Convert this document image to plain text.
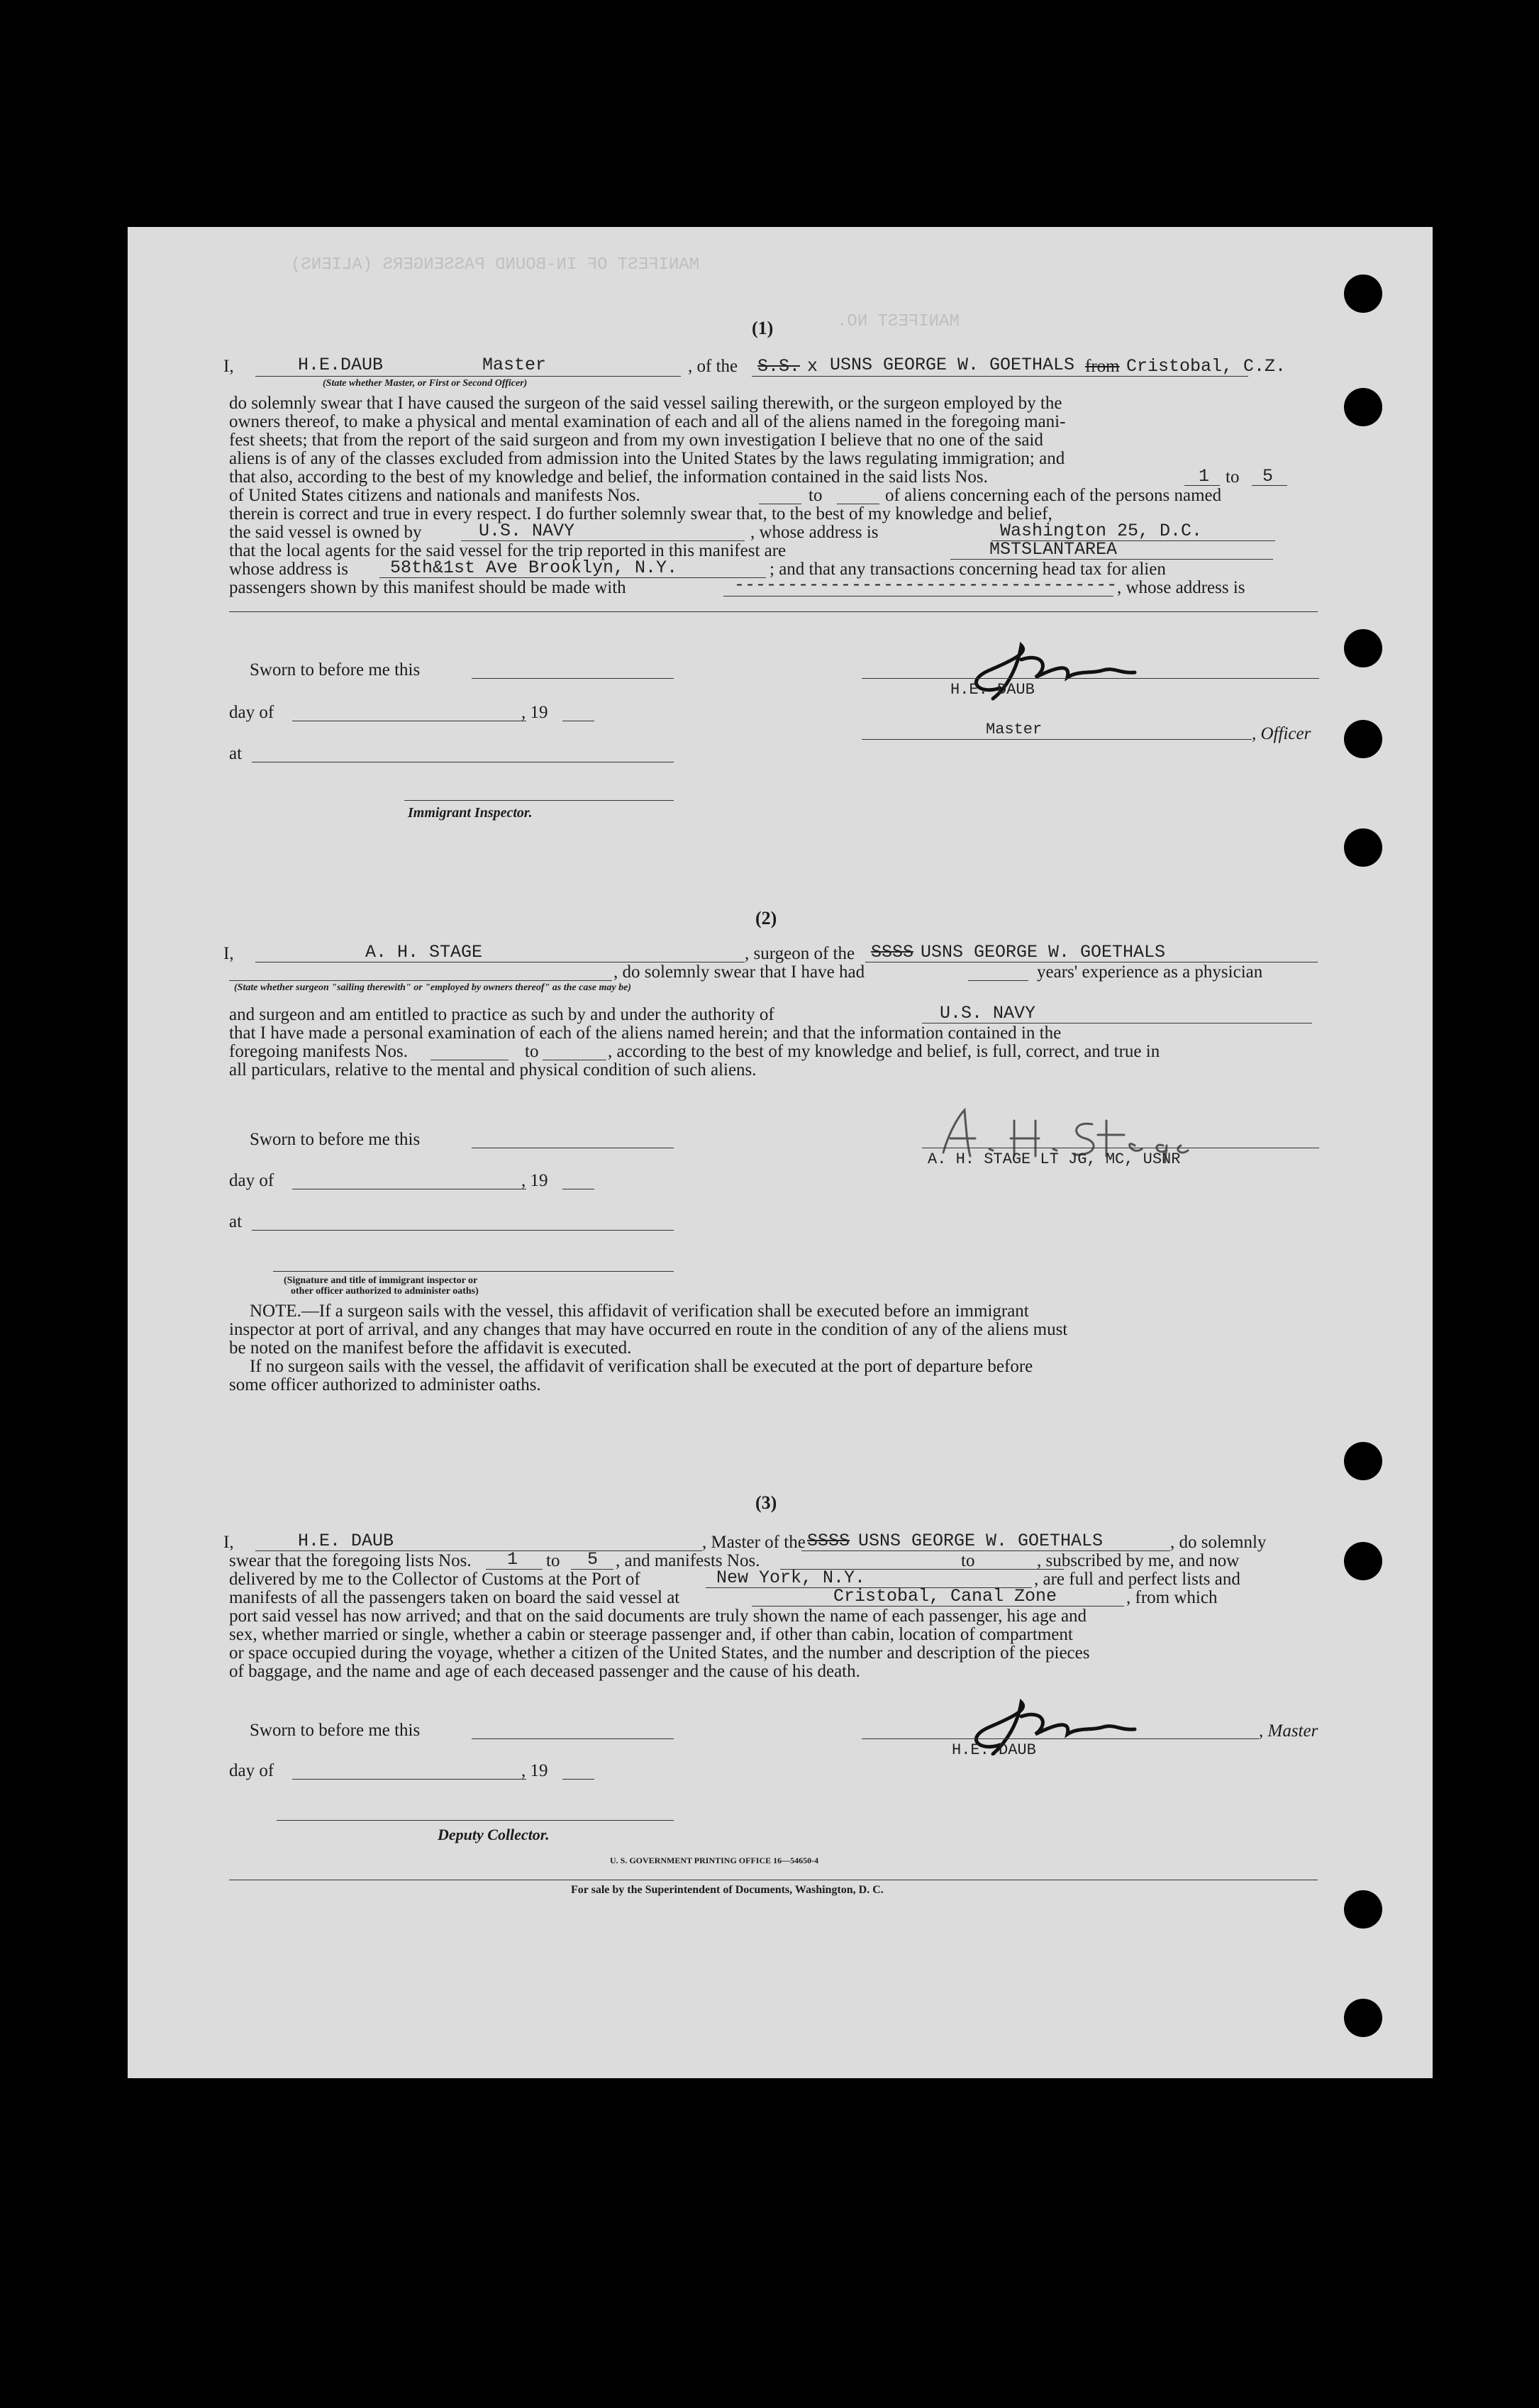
MANIFEST OF IN-BOUND PASSENGERS (ALIENS)
MANIFEST NO.
(1)
I,	H.E.DAUB	Master
(State whether Master, or First or Second Officer)
, of the S.S. x USNS GEORGE W. GOETHALS from Cristobal, C.Z.
do solemnly swear that I have caused the surgeon of the said vessel sailing therewith, or the surgeon employed by the
owners thereof, to make a physical and mental examination of each and all of the aliens named in the foregoing mani-
fest sheets; that from the report of the said surgeon and from my own investigation I believe that no one of the said
aliens is of any of the classes excluded from admission into the United States by the laws regulating immigration; and
that also, according to the best of my knowledge and belief, the information contained in the said lists Nos.	1 to 5
of United States citizens and nationals and manifests Nos.	to	of aliens concerning each of the persons named
therein is correct and true in every respect. I do further solemnly swear that, to the best of my knowledge and belief,
the said vessel is owned by	U.S. NAVY	, whose address is	Washington 25, D.C.
that the local agents for the said vessel for the trip reported in this manifest are	MSTSLANTAREA
whose address is 58th&1st Ave Brooklyn, N.Y.	; and that any transactions concerning head tax for alien
passengers shown by this manifest should be made with	------------------------------------ , whose address is
Sworn to before me this
day of	, 19
at
Immigrant Inspector.
H.E. DAUB
Master	, Officer
(2)
I,	A. H. STAGE	, surgeon of the SSSS USNS GEORGE W. GOETHALS
, do solemnly swear that I have had	years' experience as a physician
(State whether surgeon "sailing therewith" or "employed by owners thereof" as the case may be)
and surgeon and am entitled to practice as such by and under the authority of	U.S. NAVY
that I have made a personal examination of each of the aliens named herein; and that the information contained in the
foregoing manifests Nos.	to	, according to the best of my knowledge and belief, is full, correct, and true in
all particulars, relative to the mental and physical condition of such aliens.
Sworn to before me this
day of	, 19
at
(Signature and title of immigrant inspector or
other officer authorized to administer oaths)
A. H. STAGE LT JG, MC, USNR
NOTE.—If a surgeon sails with the vessel, this affidavit of verification shall be executed before an immigrant
inspector at port of arrival, and any changes that may have occurred en route in the condition of any of the aliens must
be noted on the manifest before the affidavit is executed.
If no surgeon sails with the vessel, the affidavit of verification shall be executed at the port of departure before
some officer authorized to administer oaths.
(3)
I,	H.E. DAUB	, Master of the SSSS USNS GEORGE W. GOETHALS	, do solemnly
swear that the foregoing lists Nos. 1 to 5 , and manifests Nos.	to	, subscribed by me, and now
delivered by me to the Collector of Customs at the Port of	New York, N.Y.	, are full and perfect lists and
manifests of all the passengers taken on board the said vessel at	Cristobal, Canal Zone	, from which
port said vessel has now arrived; and that on the said documents are truly shown the name of each passenger, his age and
sex, whether married or single, whether a cabin or steerage passenger and, if other than cabin, location of compartment
or space occupied during the voyage, whether a citizen of the United States, and the number and description of the pieces
of baggage, and the name and age of each deceased passenger and the cause of his death.
Sworn to before me this
day of	, 19
Deputy Collector.
H.E. DAUB
, Master
U. S. GOVERNMENT PRINTING OFFICE 16—54650-4
For sale by the Superintendent of Documents, Washington, D. C.
